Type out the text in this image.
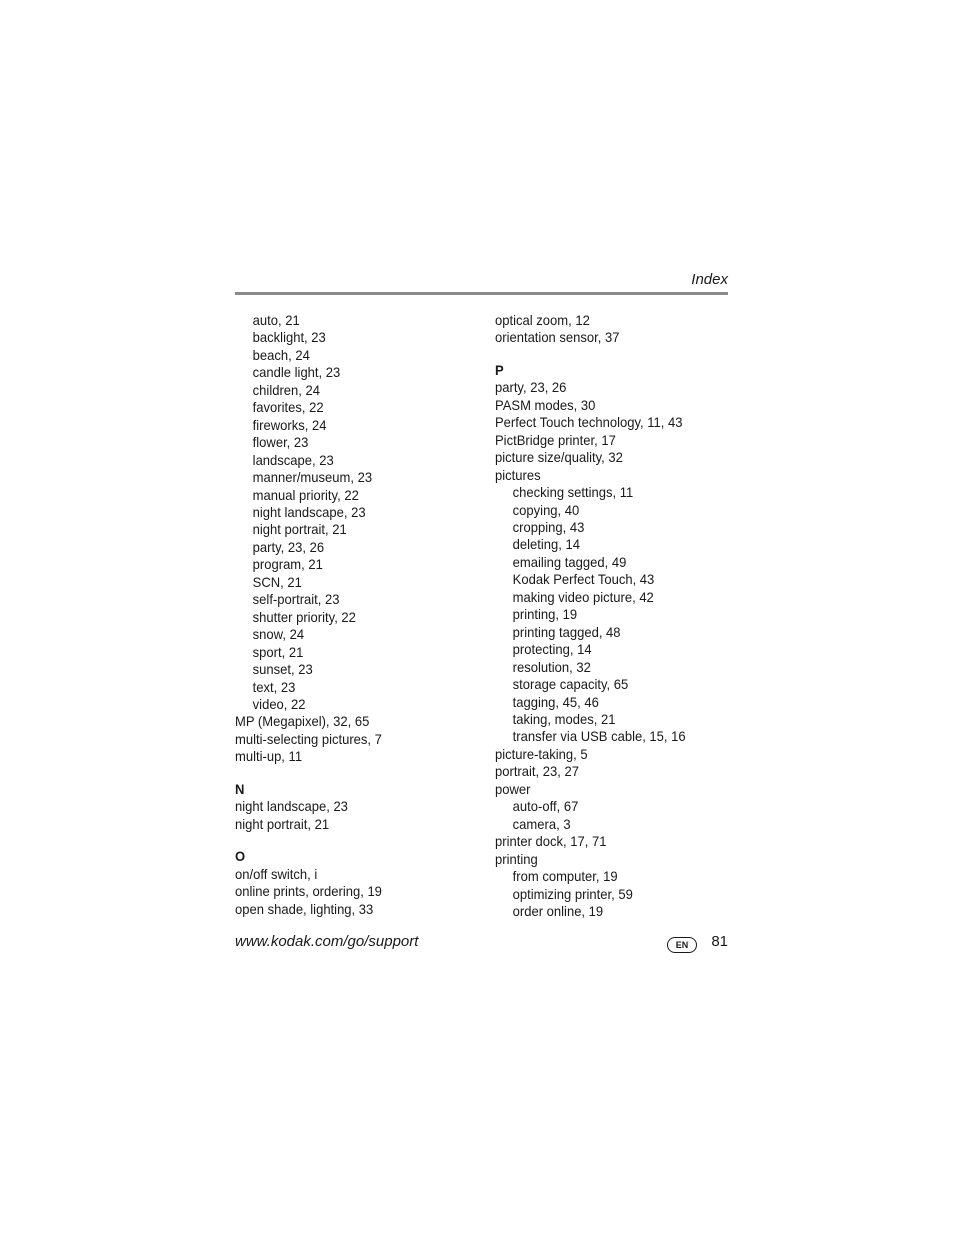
Index
auto, 21
backlight, 23
beach, 24
candle light, 23
children, 24
favorites, 22
fireworks, 24
flower, 23
landscape, 23
manner/museum, 23
manual priority, 22
night landscape, 23
night portrait, 21
party, 23, 26
program, 21
SCN, 21
self-portrait, 23
shutter priority, 22
snow, 24
sport, 21
sunset, 23
text, 23
video, 22
MP (Megapixel), 32, 65
multi-selecting pictures, 7
multi-up, 11
N
night landscape, 23
night portrait, 21
O
on/off switch, i
online prints, ordering, 19
open shade, lighting, 33
optical zoom, 12
orientation sensor, 37
P
party, 23, 26
PASM modes, 30
Perfect Touch technology, 11, 43
PictBridge printer, 17
picture size/quality, 32
pictures
checking settings, 11
copying, 40
cropping, 43
deleting, 14
emailing tagged, 49
Kodak Perfect Touch, 43
making video picture, 42
printing, 19
printing tagged, 48
protecting, 14
resolution, 32
storage capacity, 65
tagging, 45, 46
taking, modes, 21
transfer via USB cable, 15, 16
picture-taking, 5
portrait, 23, 27
power
auto-off, 67
camera, 3
printer dock, 17, 71
printing
from computer, 19
optimizing printer, 59
order online, 19
www.kodak.com/go/support	EN	81
